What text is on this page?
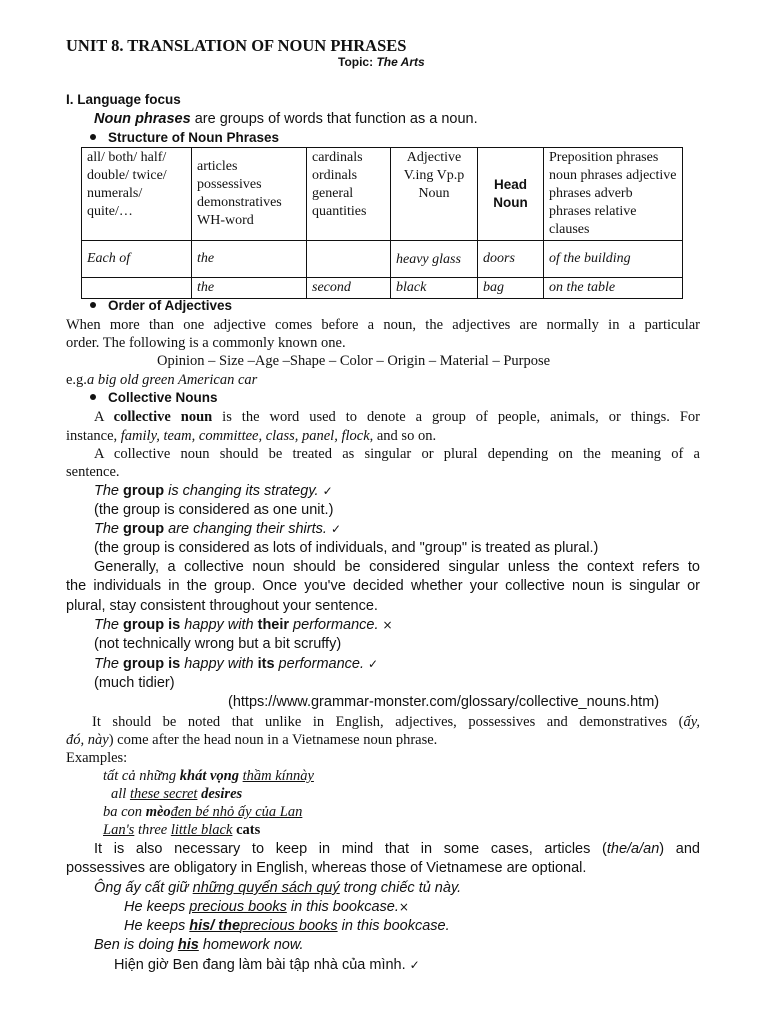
UNIT 8. TRANSLATION OF NOUN PHRASES
Topic: The Arts
I. Language focus
Noun phrases are groups of words that function as a noun.
Structure of Noun Phrases
all/ both/ half/ double/ twice/ numerals/ quite/…	articles possessives demonstratives WH-word	cardinals ordinals general quantities	Adjective V.ing Vp.p Noun	Head Noun	Preposition phrases noun phrases adjective phrases adverb phrases relative clauses
Each of	the		heavy glass	doors	of the building
	the	second	black	bag	on the table
Order of Adjectives
When more than one adjective comes before a noun, the adjectives are normally in a particular
order. The following is a commonly known one.
Opinion – Size –Age –Shape – Color – Origin – Material – Purpose
e.g.a big old green American car
Collective Nouns
A collective noun is the word used to denote a group of people, animals, or things. For
instance, family, team, committee, class, panel, flock, and so on.
A collective noun should be treated as singular or plural depending on the meaning of a
sentence.
The group is changing its strategy. ✓
(the group is considered as one unit.)
The group are changing their shirts. ✓
(the group is considered as lots of individuals, and "group" is treated as plural.)
Generally, a collective noun should be considered singular unless the context refers to
the individuals in the group. Once you've decided whether your collective noun is singular or
plural, stay consistent throughout your sentence.
The group is happy with their performance. ×
(not technically wrong but a bit scruffy)
The group is happy with its performance. ✓
(much tidier)
(https://www.grammar-monster.com/glossary/collective_nouns.htm)
It should be noted that unlike in English, adjectives, possessives and demonstratives (ấy,
đó, này) come after the head noun in a Vietnamese noun phrase.
Examples:
tất cả những khát vọng thầm kínnày
all these secret desires
ba con mèođen bé nhỏ ấy của Lan
Lan's three little black cats
It is also necessary to keep in mind that in some cases, articles (the/a/an) and
possessives are obligatory in English, whereas those of Vietnamese are optional.
Ông ấy cất giữ những quyển sách quý trong chiếc tủ này.
He keeps precious books in this bookcase.×
He keeps his/ theprecious books in this bookcase.
Ben is doing his homework now.
Hiện giờ Ben đang làm bài tập nhà của mình. ✓
